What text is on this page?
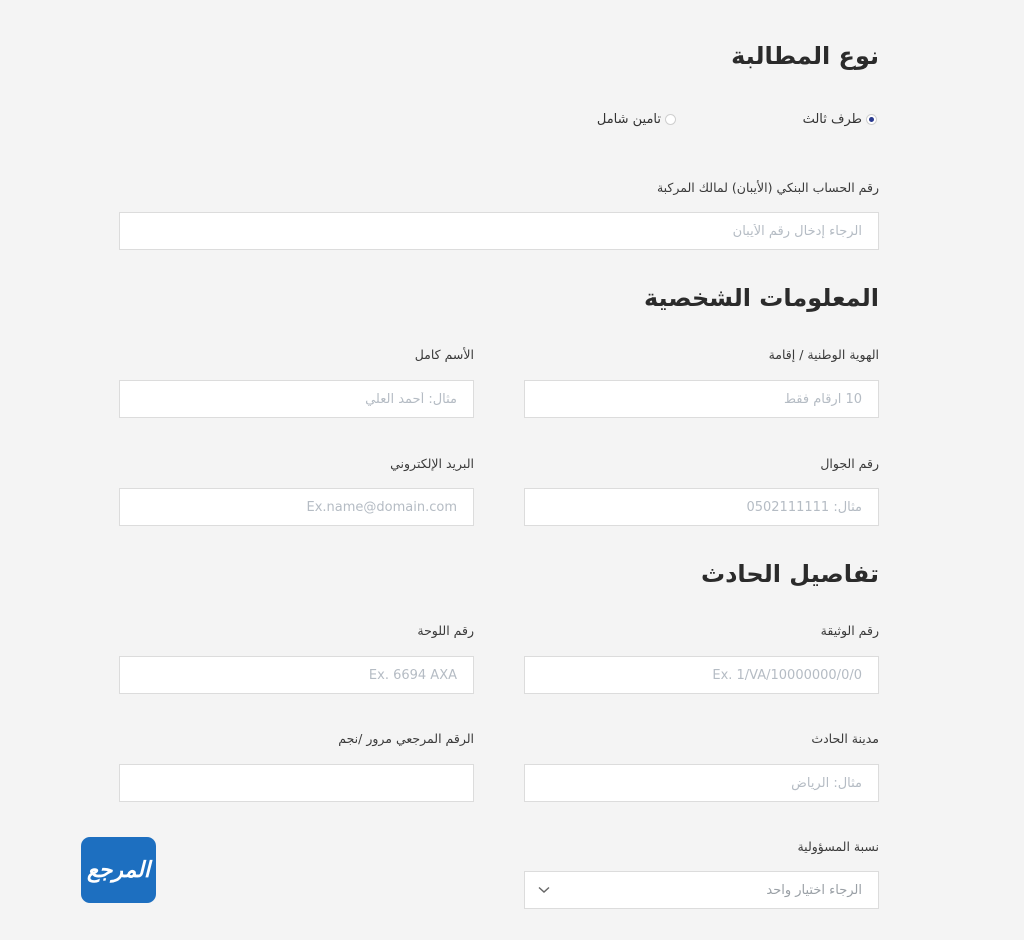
نوع المطالبة
طرف ثالث
تامين شامل
رقم الحساب البنكي (الأيبان) لمالك المركبة
الرجاء إدخال رقم الأيبان
المعلومات الشخصية
الهوية الوطنية / إقامة
10 ارقام فقط
الأسم كامل
مثال: أحمد العلي
رقم الجوال
مثال: 0502111111
البريد الإلكتروني
Ex.name@domain.com
تفاصيل الحادث
رقم الوثيقة
Ex. 1/VA/10000000/0/0
رقم اللوحة
Ex. 6694 AXA
مدينة الحادث
مثال: الرياض
الرقم المرجعي مرور /نجم
نسبة المسؤولية
الرجاء اختيار واحد
المرجع
